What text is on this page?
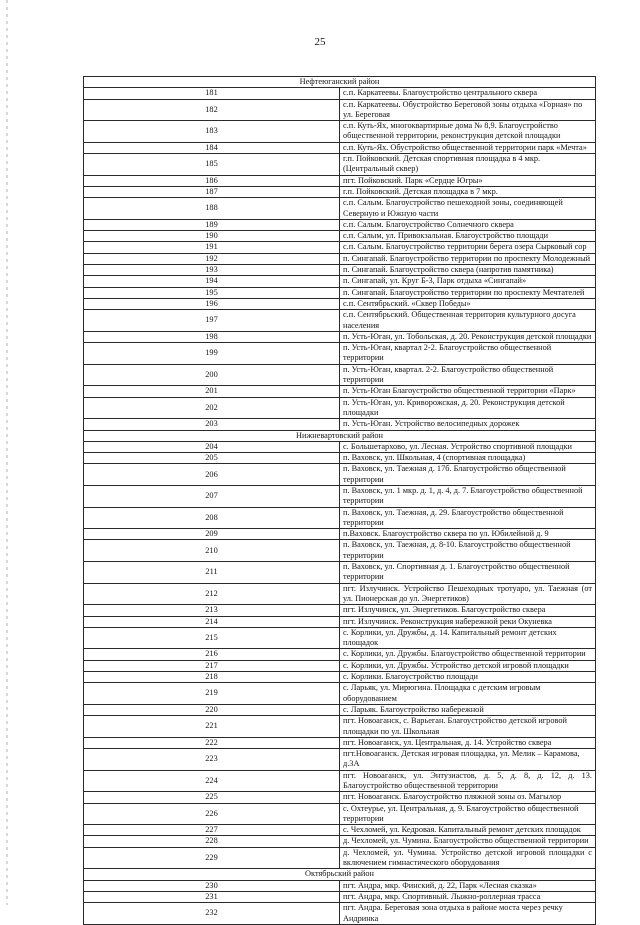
25
Нефтеюганский район	
181	с.п. Каркатеевы. Благоустройство центрального сквера
182	с.п. Каркатеевы. Обустройство Береговой зоны отдыха «Горная» по ул. Береговая
183	с.п. Куть-Ях, многоквартирные дома № 8,9. Благоустройство общественной территории, реконструкция детской площадки
184	с.п. Куть-Ях. Обустройство общественной территории парк «Мечта»
185	г.п. Пойковский. Детская спортивная площадка в 4 мкр. (Центральный сквер)
186	пгт. Пойковский. Парк «Сердце Югры»
187	г.п. Пойковский. Детская площадка в 7 мкр.
188	с.п. Салым. Благоустройство пешеходной зоны, соединяющей Северную и Южную части
189	с.п. Салым. Благоустройство Солнечного сквера
190	с.п. Салым, ул. Привокзальная. Благоустройство площади
191	с.п. Салым. Благоустройство территории берега озера Сырковый сор
192	п. Сингапай. Благоустройство территории по проспекту Молодежный
193	п. Сингапай. Благоустройство сквера (напротив памятника)
194	п. Сингапай, ул. Круг Б-3, Парк отдыха «Сингапай»
195	п. Сингапай. Благоустройство территории по проспекту Мечтателей
196	с.п. Сентябрьский. «Сквер Победы»
197	с.п. Сентябрьский. Общественная территория культурного досуга населения
198	п. Усть-Юган, ул. Тобольская, д. 20. Реконструкция детской площадки
199	п. Усть-Юган, квартал 2-2. Благоустройство общественной территории
200	п. Усть-Юган, квартал. 2-2. Благоустройство общественной территории
201	п. Усть-Юган Благоустройство общественной территории «Парк»
202	п. Усть-Юган, ул. Криворожская, д. 20. Реконструкция детской площадки
203	п. Усть-Юган. Устройство велосипедных дорожек
Нижневартовский район	
204	с. Большетархово, ул. Лесная. Устройство спортивной площадки
205	п. Ваховск, ул. Школьная, 4 (спортивная площадка)
206	п. Ваховск, ул. Таежная д. 17б. Благоустройство общественной территории
207	п. Ваховск, ул. 1 мкр. д. 1, д. 4, д. 7. Благоустройство общественной территории
208	п. Ваховск, ул. Таежная, д. 29. Благоустройство общественной территории
209	п.Ваховск. Благоустройство сквера по ул. Юбилейной д. 9
210	п. Ваховск, ул. Таежная, д. 8-10. Благоустройство общественной территории
211	п. Ваховск, ул. Спортивная д. 1. Благоустройство общественной территории
212	пгт. Излучинск. Устройство Пешеходных тротуаро, ул. Таежная (от ул. Пионерская до ул. Энергетиков)
213	пгт. Излучинск, ул. Энергетиков. Благоустройство сквера
214	пгт. Излучинск. Реконструкция набережной реки Окуневка
215	с. Корлики, ул. Дружбы, д. 14. Капитальный ремонт детских площадок
216	с. Корлики, ул. Дружбы. Благоустройство общественной территории
217	с. Корлики, ул. Дружбы. Устройство детской игровой площадки
218	с. Корлики. Благоустройство площади
219	с. Ларьяк, ул. Мирюгина. Площадка с детским игровым оборудованием
220	с. Ларьяк. Благоустройство набережной
221	пгт. Новоаганск, с. Варьеган. Благоустройство детской игровой площадки по ул. Школьная
222	пгт. Новоаганск, ул. Центральная, д. 14. Устройство сквера
223	пгт.Новоаганск. Детская игровая площадка, ул. Мелик – Карамова, д.3А
224	пгт. Новоаганск, ул. Энтузиастов, д. 5, д. 8, д. 12, д. 13. Благоустройство общественной территории
225	пгт. Новоаганск. Благоустройство пляжной зоны оз. Магылор
226	с. Охтеурье, ул. Центральная, д. 9. Благоустройство общественной территории
227	с. Чехломей, ул. Кедровая. Капитальный ремонт детских площадок
228	д. Чехломей, ул. Чумина. Благоустройство общественной территории
229	д. Чехломей, ул. Чумина. Устройство детской игровой площадки с включением гимнастического оборудования
Октябрьский район	
230	пгт. Андра, мкр. Финский, д. 22, Парк «Лесная сказка»
231	пгт. Андра, мкр. Спортивный. Лыжно-роллерная трасса
232	пгт. Андра. Береговая зона отдыха в районе моста через речку Андринка
